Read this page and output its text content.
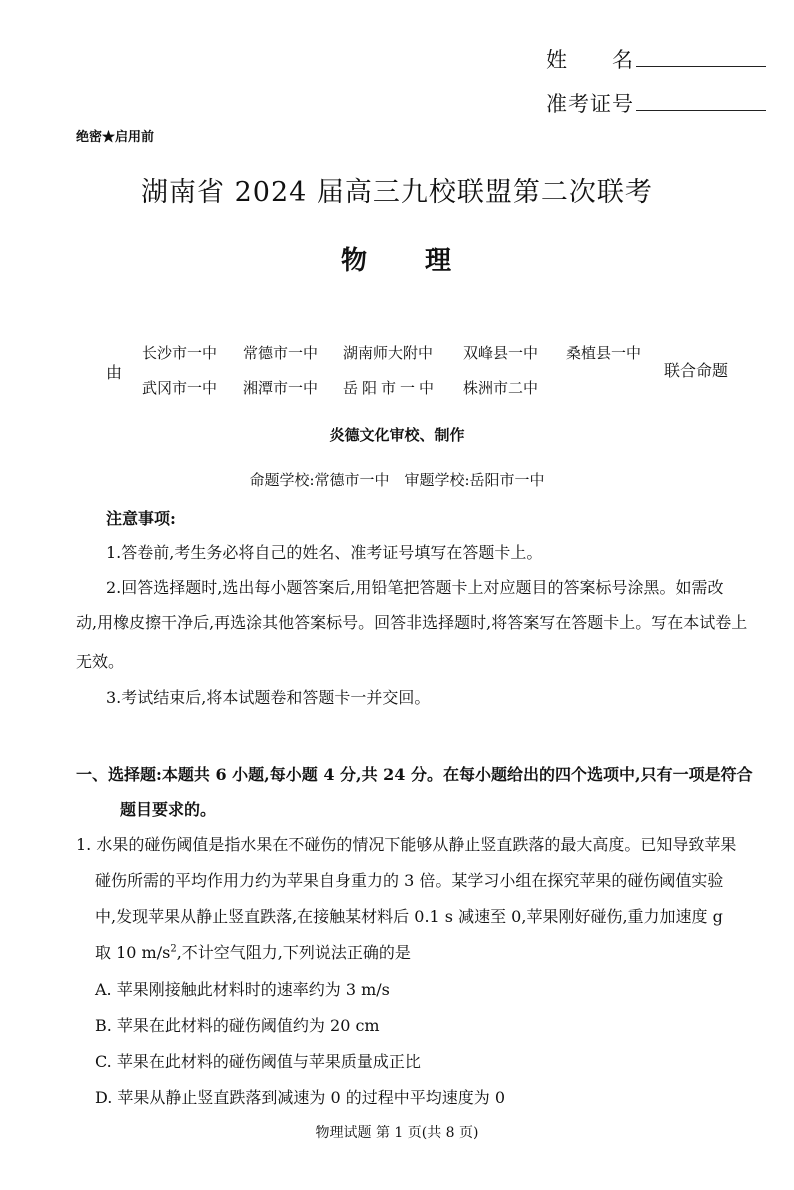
姓　　名
准考证号
绝密★启用前
湖南省 2024 届高三九校联盟第二次联考
物　　理
由
长沙市一中 常德市一中 湖南师大附中 双峰县一中 桑植县一中
武冈市一中 湘潭市一中 岳阳市一中 株洲市二中
联合命题
炎德文化审校、制作
命题学校:常德市一中　审题学校:岳阳市一中
注意事项:
1.答卷前,考生务必将自己的姓名、准考证号填写在答题卡上。
2.回答选择题时,选出每小题答案后,用铅笔把答题卡上对应题目的答案标号涂黑。如需改
动,用橡皮擦干净后,再选涂其他答案标号。回答非选择题时,将答案写在答题卡上。写在本试卷上
无效。
3.考试结束后,将本试题卷和答题卡一并交回。
一、选择题:本题共 6 小题,每小题 4 分,共 24 分。在每小题给出的四个选项中,只有一项是符合
题目要求的。
1. 水果的碰伤阈值是指水果在不碰伤的情况下能够从静止竖直跌落的最大高度。已知导致苹果
碰伤所需的平均作用力约为苹果自身重力的 3 倍。某学习小组在探究苹果的碰伤阈值实验
中,发现苹果从静止竖直跌落,在接触某材料后 0.1 s 减速至 0,苹果刚好碰伤,重力加速度 g
取 10 $m/s^2$,不计空气阻力,下列说法正确的是
A. 苹果刚接触此材料时的速率约为 3 m/s
B. 苹果在此材料的碰伤阈值约为 20 cm
C. 苹果在此材料的碰伤阈值与苹果质量成正比
D. 苹果从静止竖直跌落到减速为 0 的过程中平均速度为 0
物理试题 第 1 页(共 8 页)
